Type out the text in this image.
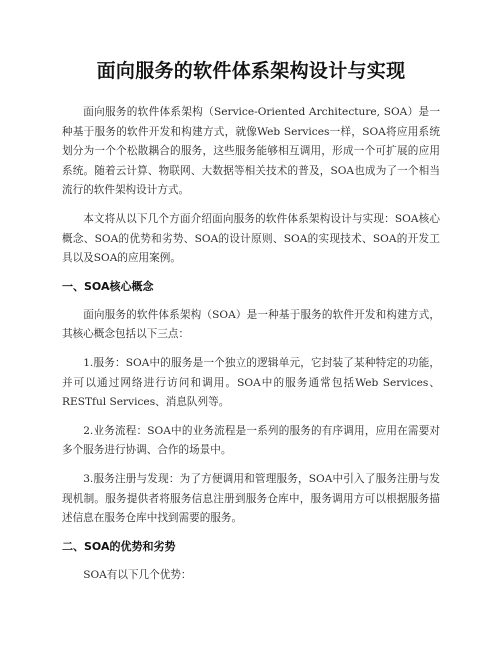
面向服务的软件体系架构设计与实现

面向服务的软件体系架构（Service-Oriented Architecture, SOA）是一种基于服务的软件开发和构建方式，就像Web Services一样，SOA将应用系统划分为一个个松散耦合的服务，这些服务能够相互调用，形成一个可扩展的应用系统。随着云计算、物联网、大数据等相关技术的普及，SOA也成为了一个相当流行的软件架构设计方式。

本文将从以下几个方面介绍面向服务的软件体系架构设计与实现：SOA核心概念、SOA的优势和劣势、SOA的设计原则、SOA的实现技术、SOA的开发工具以及SOA的应用案例。

一、SOA核心概念

面向服务的软件体系架构（SOA）是一种基于服务的软件开发和构建方式，其核心概念包括以下三点：

1.服务：SOA中的服务是一个独立的逻辑单元，它封装了某种特定的功能，并可以通过网络进行访问和调用。SOA中的服务通常包括Web Services、RESTful Services、消息队列等。

2.业务流程：SOA中的业务流程是一系列的服务的有序调用，应用在需要对多个服务进行协调、合作的场景中。

3.服务注册与发现：为了方便调用和管理服务，SOA中引入了服务注册与发现机制。服务提供者将服务信息注册到服务仓库中，服务调用方可以根据服务描述信息在服务仓库中找到需要的服务。

二、SOA的优势和劣势

SOA有以下几个优势：
